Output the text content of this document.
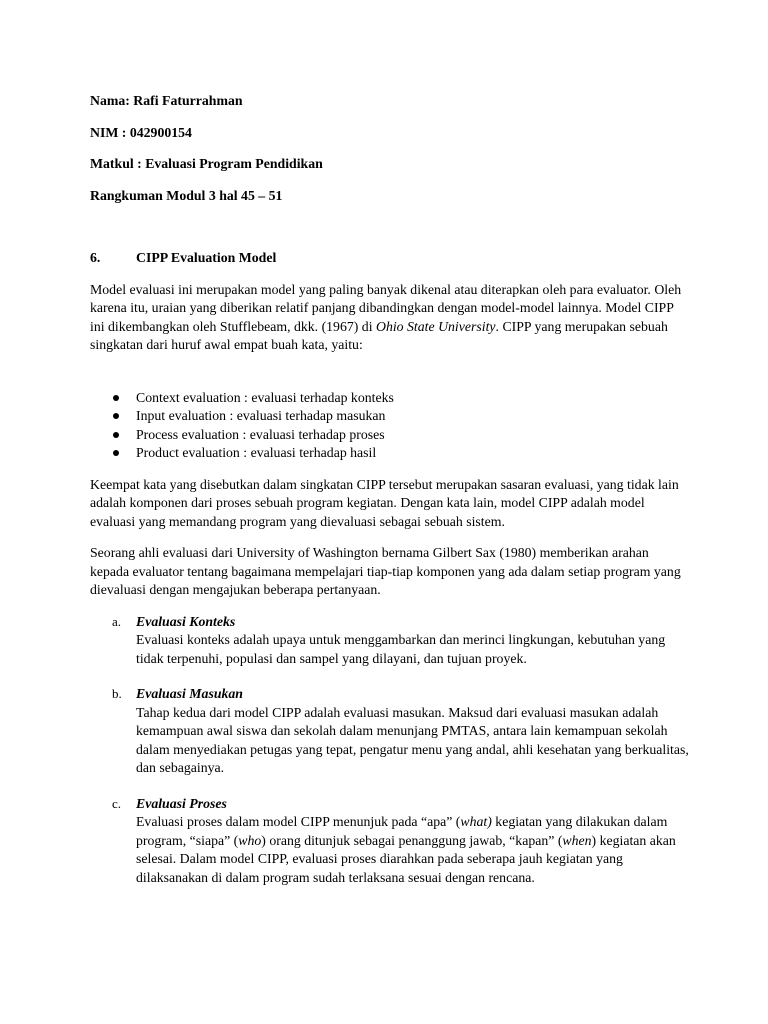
Nama: Rafi Faturrahman
NIM : 042900154
Matkul : Evaluasi Program Pendidikan
Rangkuman Modul 3 hal 45 – 51
6.	CIPP Evaluation Model

Model evaluasi ini merupakan model yang paling banyak dikenal atau diterapkan oleh para evaluator. Oleh karena itu, uraian yang diberikan relatif panjang dibandingkan dengan model-model lainnya. Model CIPP ini dikembangkan oleh Stufflebeam, dkk. (1967) di Ohio State University. CIPP yang merupakan sebuah singkatan dari huruf awal empat buah kata, yaitu:

Context evaluation : evaluasi terhadap konteks
Input evaluation : evaluasi terhadap masukan
Process evaluation : evaluasi terhadap proses
Product evaluation : evaluasi terhadap hasil

Keempat kata yang disebutkan dalam singkatan CIPP tersebut merupakan sasaran evaluasi, yang tidak lain adalah komponen dari proses sebuah program kegiatan. Dengan kata lain, model CIPP adalah model evaluasi yang memandang program yang dievaluasi sebagai sebuah sistem.

Seorang ahli evaluasi dari University of Washington bernama Gilbert Sax (1980) memberikan arahan kepada evaluator tentang bagaimana mempelajari tiap-tiap komponen yang ada dalam setiap program yang dievaluasi dengan mengajukan beberapa pertanyaan.

a.	Evaluasi Konteks
Evaluasi konteks adalah upaya untuk menggambarkan dan merinci lingkungan, kebutuhan yang tidak terpenuhi, populasi dan sampel yang dilayani, dan tujuan proyek.
b.	Evaluasi Masukan
Tahap kedua dari model CIPP adalah evaluasi masukan. Maksud dari evaluasi masukan adalah kemampuan awal siswa dan sekolah dalam menunjang PMTAS, antara lain kemampuan sekolah dalam menyediakan petugas yang tepat, pengatur menu yang andal, ahli kesehatan yang berkualitas, dan sebagainya.
c.	Evaluasi Proses
Evaluasi proses dalam model CIPP menunjuk pada “apa” (what) kegiatan yang dilakukan dalam program, “siapa” (who) orang ditunjuk sebagai penanggung jawab, “kapan” (when) kegiatan akan selesai. Dalam model CIPP, evaluasi proses diarahkan pada seberapa jauh kegiatan yang dilaksanakan di dalam program sudah terlaksana sesuai dengan rencana.
